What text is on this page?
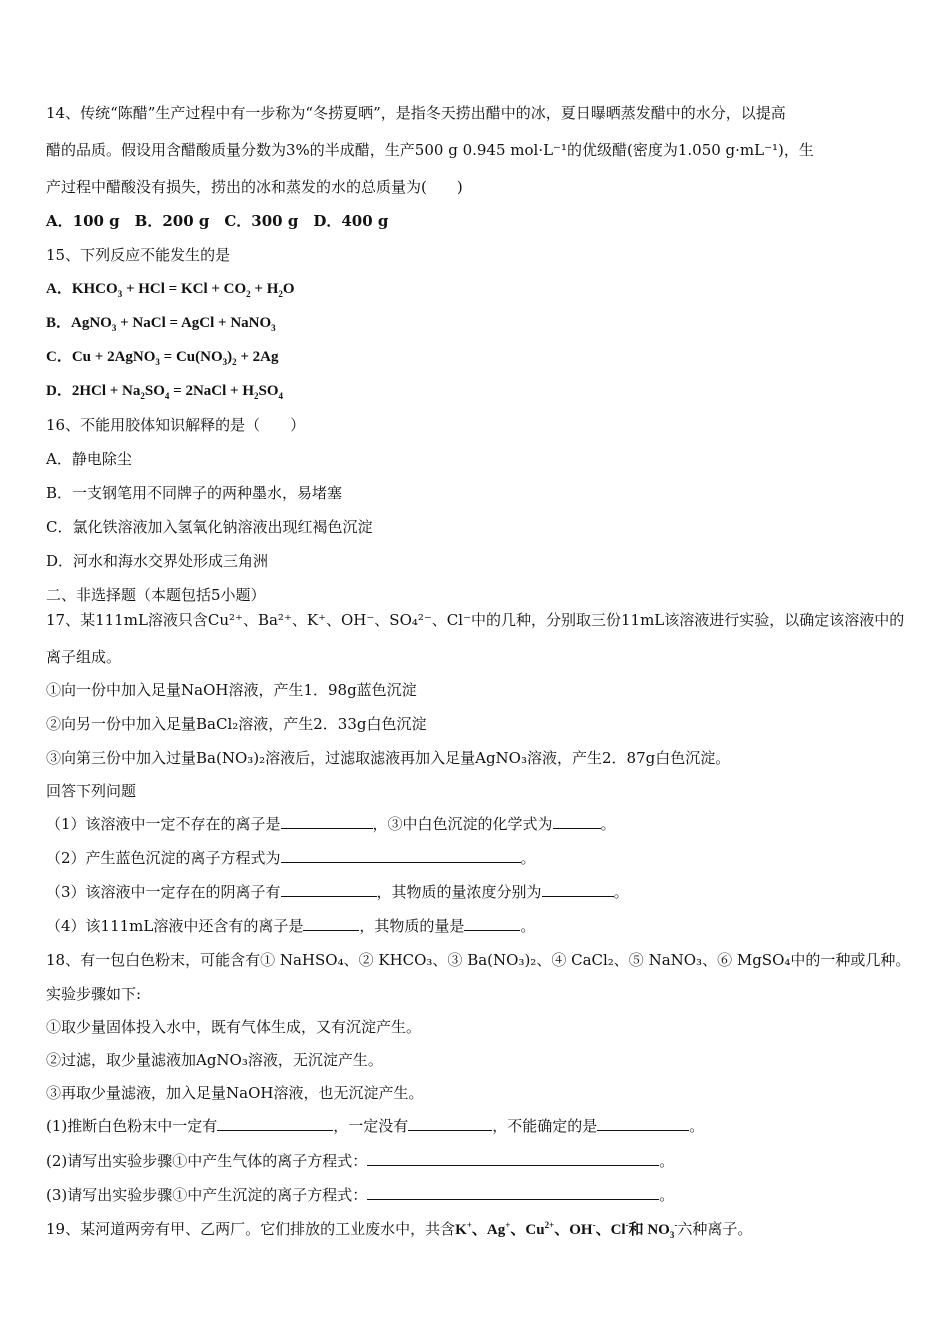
14、传统“陈醋”生产过程中有一步称为“冬捞夏晒”，是指冬天捞出醋中的冰，夏日曝晒蒸发醋中的水分，以提高
醋的品质。假设用含醋酸质量分数为3%的半成醋，生产500 g 0.945 mol·L⁻¹的优级醋(密度为1.050 g·mL⁻¹)，生
产过程中醋酸没有损失，捞出的冰和蒸发的水的总质量为(　　)
A．100 g　B．200 g　C．300 g　D．400 g
15、下列反应不能发生的是
A．$KHCO_3$ + HCl = KCl + $CO_2 + H_2O$
B．AgNO$_3$ + NaCl = AgCl + NaNO$_3$
C．Cu + 2AgNO$_3$ = $Cu(NO_3)_2 + 2Ag$
D．$2HCl + Na_2SO_4$ = 2NaCl + $H_2SO_4$
16、不能用胶体知识解释的是（　　）
A．静电除尘
B．一支钢笔用不同牌子的两种墨水，易堵塞
C．氯化铁溶液加入氢氧化钠溶液出现红褐色沉淀
D．河水和海水交界处形成三角洲
二、非选择题（本题包括5小题）
17、某111mL溶液只含Cu²⁺、Ba²⁺、K⁺、OH⁻、SO₄²⁻、Cl⁻中的几种，分别取三份11mL该溶液进行实验，以确定该溶液中的
离子组成。
①向一份中加入足量NaOH溶液，产生1．98g蓝色沉淀
②向另一份中加入足量BaCl₂溶液，产生2．33g白色沉淀
③向第三份中加入过量Ba(NO₃)₂溶液后，过滤取滤液再加入足量AgNO₃溶液，产生2．87g白色沉淀。
回答下列问题
（1）该溶液中一定不存在的离子是	，③中白色沉淀的化学式为	。
（2）产生蓝色沉淀的离子方程式为	。
（3）该溶液中一定存在的阴离子有	，其物质的量浓度分别为	。
（4）该111mL溶液中还含有的离子是	，其物质的量是	。
18、有一包白色粉末，可能含有① NaHSO₄、② KHCO₃、③ Ba(NO₃)₂、④ CaCl₂、⑤ NaNO₃、⑥ MgSO₄中的一种或几种。
实验步骤如下:
①取少量固体投入水中，既有气体生成，又有沉淀产生。
②过滤，取少量滤液加AgNO₃溶液，无沉淀产生。
③再取少量滤液，加入足量NaOH溶液，也无沉淀产生。
(1)推断白色粉末中一定有	，一定没有	，不能确定的是	。
(2)请写出实验步骤①中产生气体的离子方程式：	。
(3)请写出实验步骤①中产生沉淀的离子方程式：	。
19、某河道两旁有甲、乙两厂。它们排放的工业废水中，共含K+、Ag+、$Cu^{2+}$、OH-、Cl-和 $NO_3^-$六种离子。
